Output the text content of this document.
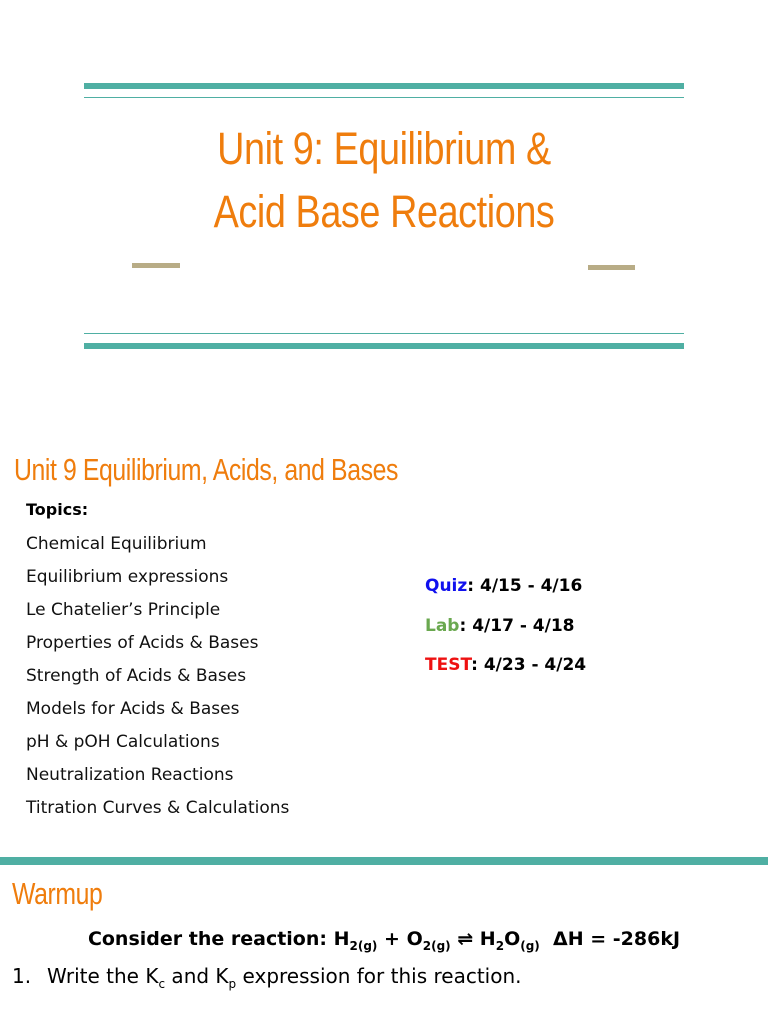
Unit 9: Equilibrium &
Acid Base Reactions
Unit 9 Equilibrium, Acids, and Bases
Topics:
Chemical Equilibrium
Equilibrium expressions
Le Chatelier’s Principle
Properties of Acids & Bases
Strength of Acids & Bases
Models for Acids & Bases
pH & pOH Calculations
Neutralization Reactions
Titration Curves & Calculations
Quiz: 4/15 - 4/16
Lab: 4/17 - 4/18
TEST: 4/23 - 4/24
Warmup
Consider the reaction: $H_{2(g)} + O_{2(g)}$ ⇌ $H_2O_{(g)}$  ΔH = -286kJ
1. Write the $K_c$ and $K_p$ expression for this reaction.
